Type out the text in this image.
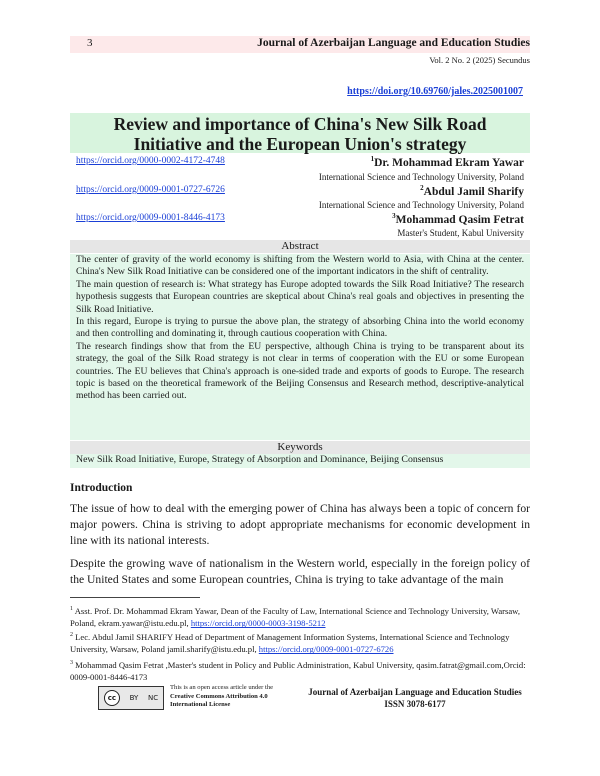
3	Journal of Azerbaijan Language and Education Studies
Vol. 2 No. 2 (2025) Secundus
https://doi.org/10.69760/jales.2025001007
Review and importance of China's New Silk Road
Initiative and the European Union's strategy
https://orcid.org/0000-0002-4172-4748	$^1$Dr. Mohammad Ekram Yawar
International Science and Technology University, Poland
https://orcid.org/0009-0001-0727-6726	$^2$Abdul Jamil Sharify
International Science and Technology University, Poland
https://orcid.org/0009-0001-8446-4173	$^3$Mohammad Qasim Fetrat
Master's Student, Kabul University
Abstract

The center of gravity of the world economy is shifting from the Western world to Asia, with China at the center. China's New Silk Road Initiative can be considered one of the important indicators in the shift of centrality.

The main question of research is: What strategy has Europe adopted towards the Silk Road Initiative? The research hypothesis suggests that European countries are skeptical about China's real goals and objectives in presenting the Silk Road Initiative.

In this regard, Europe is trying to pursue the above plan, the strategy of absorbing China into the world economy and then controlling and dominating it, through cautious cooperation with China.

The research findings show that from the EU perspective, although China is trying to be transparent about its strategy, the goal of the Silk Road strategy is not clear in terms of cooperation with the EU or some European countries. The EU believes that China's approach is one-sided trade and exports of goods to Europe. The research topic is based on the theoretical framework of the Beijing Consensus and Research method, descriptive-analytical method has been carried out.

Keywords
New Silk Road Initiative, Europe, Strategy of Absorption and Dominance, Beijing Consensus
Introduction
The issue of how to deal with the emerging power of China has always been a topic of concern for major powers. China is striving to adopt appropriate mechanisms for economic development in line with its national interests.
Despite the growing wave of nationalism in the Western world, especially in the foreign policy of the United States and some European countries, China is trying to take advantage of the main
$^1$ Asst. Prof. Dr. Mohammad Ekram Yawar, Dean of the Faculty of Law, International Science and Technology University, Warsaw, Poland, ekram.yawar@istu.edu.pl, https://orcid.org/0000-0003-3198-5212
$^2$ Lec. Abdul Jamil SHARIFY Head of Department of Management Information Systems, International Science and Technology University, Warsaw, Poland jamil.sharify@istu.edu.pl, https://orcid.org/0009-0001-0727-6726
$^3$ Mohammad Qasim Fetrat ,Master's student in Policy and Public Administration, Kabul University, qasim.fatrat@gmail.com,Orcid: 0009-0001-8446-4173
cc	BY NC
This is an open access article under the
Creative Commons Attribution 4.0
International License
Journal of Azerbaijan Language and Education Studies
ISSN 3078-6177
